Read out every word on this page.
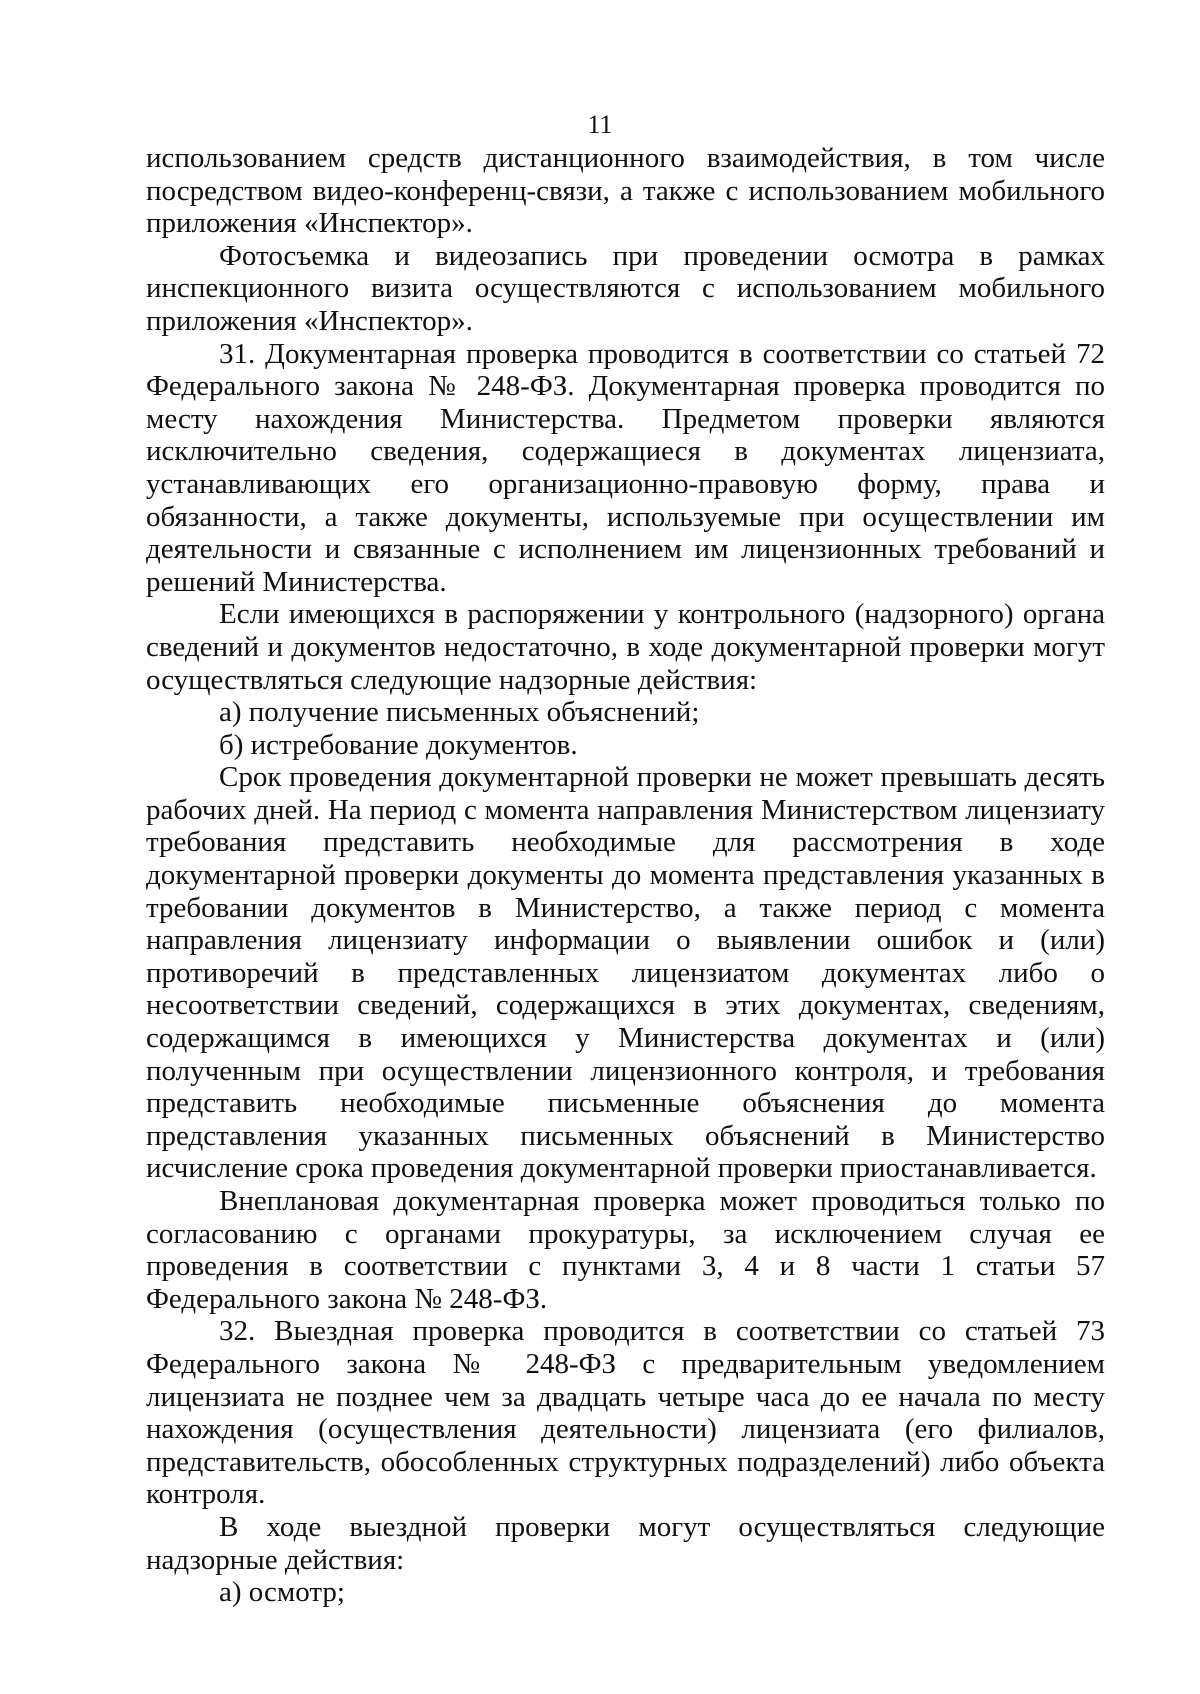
11

использованием средств дистанционного взаимодействия, в том числе посредством видео-конференц-связи, а также с использованием мобильного приложения «Инспектор».

Фотосъемка и видеозапись при проведении осмотра в рамках инспекционного визита осуществляются с использованием мобильного приложения «Инспектор».

31. Документарная проверка проводится в соответствии со статьей 72 Федерального закона № 248-ФЗ. Документарная проверка проводится по месту нахождения Министерства. Предметом проверки являются исключительно сведения, содержащиеся в документах лицензиата, устанавливающих его организационно-правовую форму, права и обязанности, а также документы, используемые при осуществлении им деятельности и связанные с исполнением им лицензионных требований и решений Министерства.

Если имеющихся в распоряжении у контрольного (надзорного) органа сведений и документов недостаточно, в ходе документарной проверки могут осуществляться следующие надзорные действия:

а) получение письменных объяснений;

б) истребование документов.

Срок проведения документарной проверки не может превышать десять рабочих дней. На период с момента направления Министерством лицензиату требования представить необходимые для рассмотрения в ходе документарной проверки документы до момента представления указанных в требовании документов в Министерство, а также период с момента направления лицензиату информации о выявлении ошибок и (или) противоречий в представленных лицензиатом документах либо о несоответствии сведений, содержащихся в этих документах, сведениям, содержащимся в имеющихся у Министерства документах и (или) полученным при осуществлении лицензионного контроля, и требования представить необходимые письменные объяснения до момента представления указанных письменных объяснений в Министерство исчисление срока проведения документарной проверки приостанавливается.

Внеплановая документарная проверка может проводиться только по согласованию с органами прокуратуры, за исключением случая ее проведения в соответствии с пунктами 3, 4 и 8 части 1 статьи 57 Федерального закона № 248-ФЗ.

32. Выездная проверка проводится в соответствии со статьей 73 Федерального закона № 248-ФЗ с предварительным уведомлением лицензиата не позднее чем за двадцать четыре часа до ее начала по месту нахождения (осуществления деятельности) лицензиата (его филиалов, представительств, обособленных структурных подразделений) либо объекта контроля.

В ходе выездной проверки могут осуществляться следующие надзорные действия:

а) осмотр;
